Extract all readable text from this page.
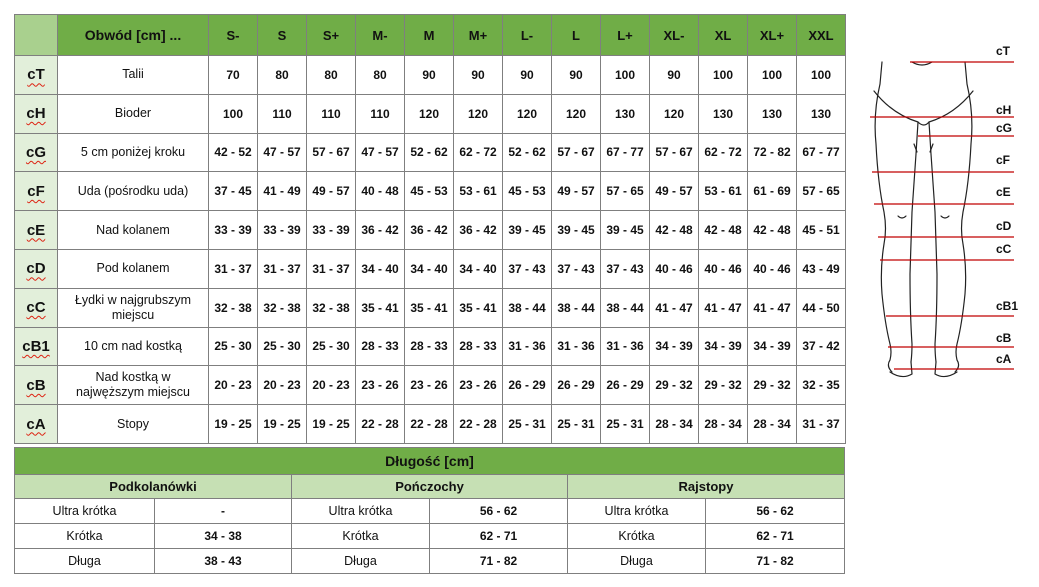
	Obwód [cm] ...	S-	S	S+	M-	M	M+	L-	L	L+	XL-	XL	XL+	XXL
cT	Talii	70	80	80	80	90	90	90	90	100	90	100	100	100
cH	Bioder	100	110	110	110	120	120	120	120	130	120	130	130	130
cG	5 cm poniżej kroku	42 - 52	47 - 57	57 - 67	47 - 57	52 - 62	62 - 72	52 - 62	57 - 67	67 - 77	57 - 67	62 - 72	72 - 82	67 - 77
cF	Uda (pośrodku uda)	37 - 45	41 - 49	49 - 57	40 - 48	45 - 53	53 - 61	45 - 53	49 - 57	57 - 65	49 - 57	53 - 61	61 - 69	57 - 65
cE	Nad kolanem	33 - 39	33 - 39	33 - 39	36 - 42	36 - 42	36 - 42	39 - 45	39 - 45	39 - 45	42 - 48	42 - 48	42 - 48	45 - 51
cD	Pod kolanem	31 - 37	31 - 37	31 - 37	34 - 40	34 - 40	34 - 40	37 - 43	37 - 43	37 - 43	40 - 46	40 - 46	40 - 46	43 - 49
cC	Łydki w najgrubszym miejscu	32 - 38	32 - 38	32 - 38	35 - 41	35 - 41	35 - 41	38 - 44	38 - 44	38 - 44	41 - 47	41 - 47	41 - 47	44 - 50
cB1	10 cm nad kostką	25 - 30	25 - 30	25 - 30	28 - 33	28 - 33	28 - 33	31 - 36	31 - 36	31 - 36	34 - 39	34 - 39	34 - 39	37 - 42
cB	Nad kostką w najwęższym miejscu	20 - 23	20 - 23	20 - 23	23 - 26	23 - 26	23 - 26	26 - 29	26 - 29	26 - 29	29 - 32	29 - 32	29 - 32	32 - 35
cA	Stopy	19 - 25	19 - 25	19 - 25	22 - 28	22 - 28	22 - 28	25 - 31	25 - 31	25 - 31	28 - 34	28 - 34	28 - 34	31 - 37
Długość [cm]					
Podkolanówki		Pończochy		Rajstopy	
Ultra krótka	-	Ultra krótka	56 - 62	Ultra krótka	56 - 62
Krótka	34 - 38	Krótka	62 - 71	Krótka	62 - 71
Długa	38 - 43	Długa	71 - 82	Długa	71 - 82
cT
cH
cG
cF
cE
cD
cC
cB1
cB
cA
